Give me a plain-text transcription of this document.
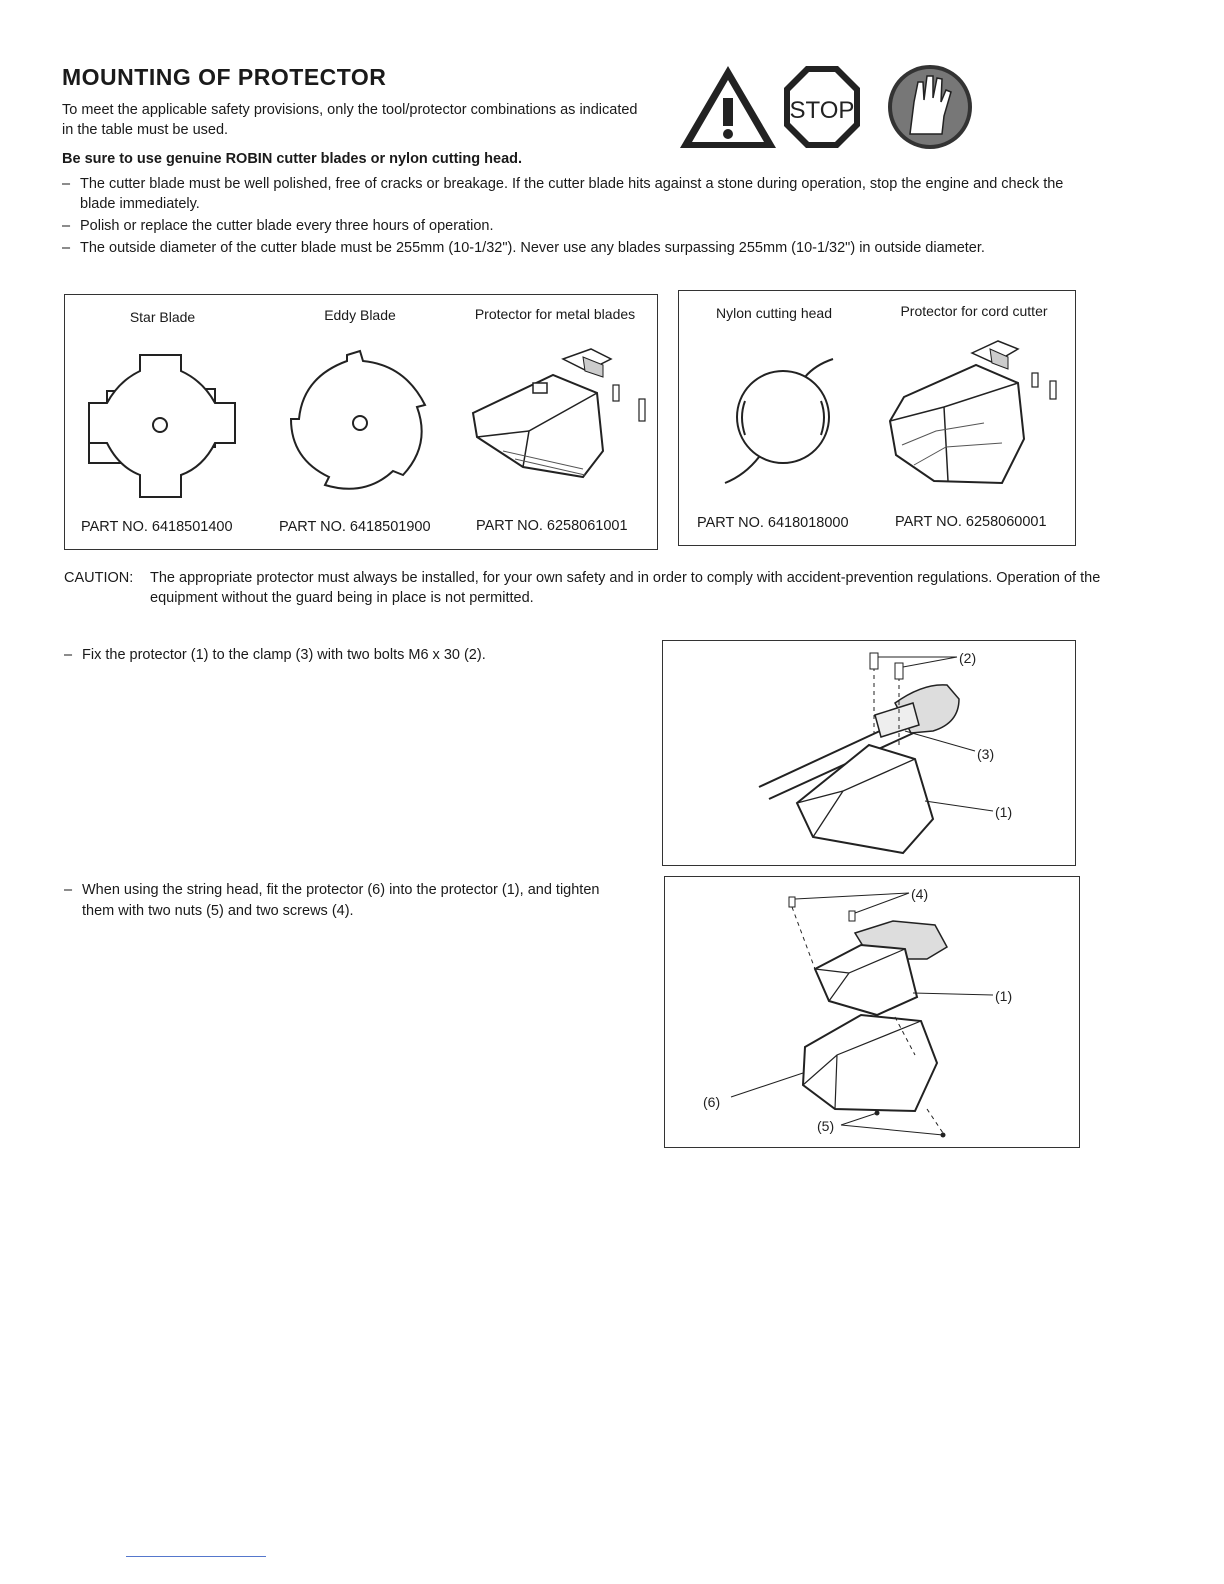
MOUNTING OF PROTECTOR
To meet the applicable safety provisions, only the tool/protector combinations as indicated in the table must be used.
STOP
Be sure to use genuine ROBIN cutter blades or nylon cutting head.
– The cutter blade must be well polished, free of cracks or breakage. If the cutter blade hits against a stone during operation, stop the engine and check the blade immediately.
– Polish or replace the cutter blade every three hours of operation.
– The outside diameter of the cutter blade must be 255mm (10-1/32"). Never use any blades surpassing 255mm (10-1/32") in outside diameter.
Star Blade	Eddy Blade	Protector for metal blades
PART NO. 6418501400	PART NO. 6418501900	PART NO. 6258061001
Nylon cutting head	Protector for cord cutter
PART NO. 6418018000	PART NO. 6258060001
CAUTION: The appropriate protector must always be installed, for your own safety and in order to comply with accident-prevention regulations. Operation of the equipment without the guard being in place is not permitted.
– Fix the protector (1) to the clamp (3) with two bolts M6 x 30 (2).	(2)
(3)
(1)
– When using the string head, fit the protector (6) into the protector (1), and tighten them with two nuts (5) and two screws (4).
(4)
(1)
(6)
(5)
